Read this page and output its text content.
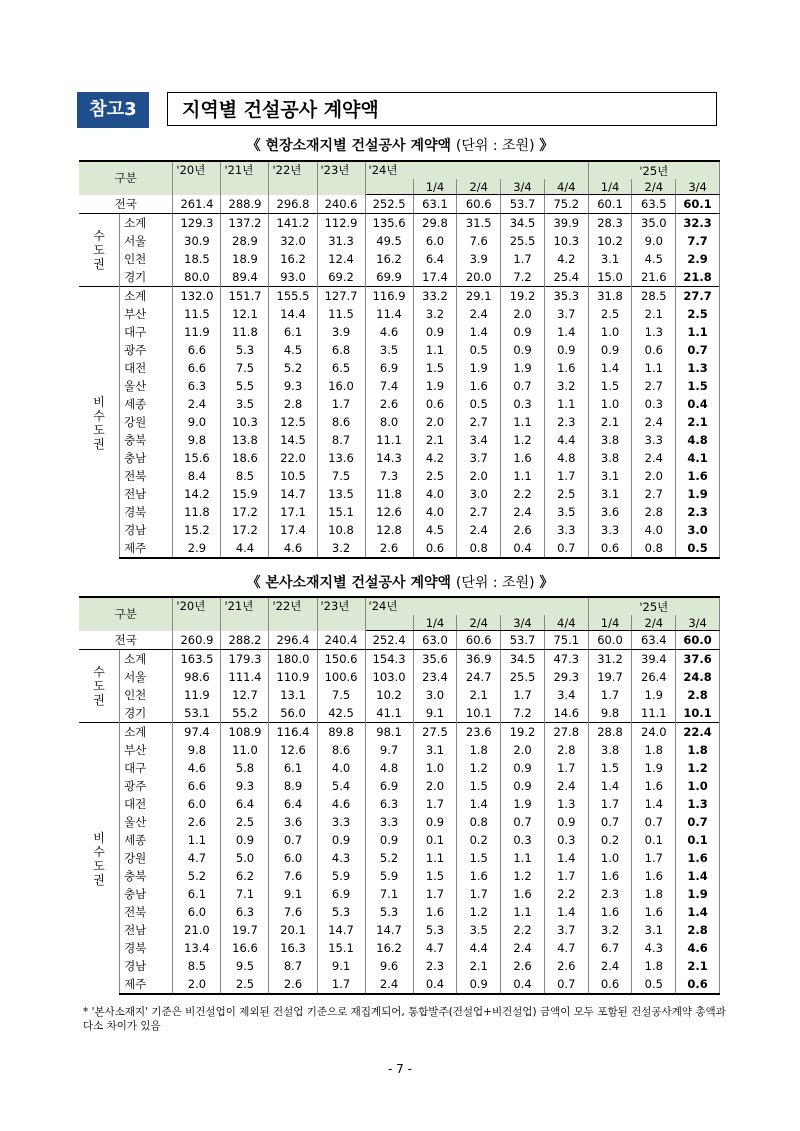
참고3	지역별 건설공사 계약액
《 현장소재지별 건설공사 계약액 (단위 : 조원) 》
구분		'20년	'21년	'22년	'23년	'24년					'25년		
							1/4	2/4	3/4	4/4	1/4	2/4	3/4
전국		261.4	288.9	296.8	240.6	252.5	63.1	60.6	53.7	75.2	60.1	63.5	60.1
수도권	소계	129.3	137.2	141.2	112.9	135.6	29.8	31.5	34.5	39.9	28.3	35.0	32.3
	서울	30.9	28.9	32.0	31.3	49.5	6.0	7.6	25.5	10.3	10.2	9.0	7.7
	인천	18.5	18.9	16.2	12.4	16.2	6.4	3.9	1.7	4.2	3.1	4.5	2.9
	경기	80.0	89.4	93.0	69.2	69.9	17.4	20.0	7.2	25.4	15.0	21.6	21.8
비수도권	소계	132.0	151.7	155.5	127.7	116.9	33.2	29.1	19.2	35.3	31.8	28.5	27.7
	부산	11.5	12.1	14.4	11.5	11.4	3.2	2.4	2.0	3.7	2.5	2.1	2.5
	대구	11.9	11.8	6.1	3.9	4.6	0.9	1.4	0.9	1.4	1.0	1.3	1.1
	광주	6.6	5.3	4.5	6.8	3.5	1.1	0.5	0.9	0.9	0.9	0.6	0.7
	대전	6.6	7.5	5.2	6.5	6.9	1.5	1.9	1.9	1.6	1.4	1.1	1.3
	울산	6.3	5.5	9.3	16.0	7.4	1.9	1.6	0.7	3.2	1.5	2.7	1.5
	세종	2.4	3.5	2.8	1.7	2.6	0.6	0.5	0.3	1.1	1.0	0.3	0.4
	강원	9.0	10.3	12.5	8.6	8.0	2.0	2.7	1.1	2.3	2.1	2.4	2.1
	충북	9.8	13.8	14.5	8.7	11.1	2.1	3.4	1.2	4.4	3.8	3.3	4.8
	충남	15.6	18.6	22.0	13.6	14.3	4.2	3.7	1.6	4.8	3.8	2.4	4.1
	전북	8.4	8.5	10.5	7.5	7.3	2.5	2.0	1.1	1.7	3.1	2.0	1.6
	전남	14.2	15.9	14.7	13.5	11.8	4.0	3.0	2.2	2.5	3.1	2.7	1.9
	경북	11.8	17.2	17.1	15.1	12.6	4.0	2.7	2.4	3.5	3.6	2.8	2.3
	경남	15.2	17.2	17.4	10.8	12.8	4.5	2.4	2.6	3.3	3.3	4.0	3.0
	제주	2.9	4.4	4.6	3.2	2.6	0.6	0.8	0.4	0.7	0.6	0.8	0.5
《 본사소재지별 건설공사 계약액 (단위 : 조원) 》
구분		'20년	'21년	'22년	'23년	'24년					'25년		
							1/4	2/4	3/4	4/4	1/4	2/4	3/4
전국		260.9	288.2	296.4	240.4	252.4	63.0	60.6	53.7	75.1	60.0	63.4	60.0
수도권	소계	163.5	179.3	180.0	150.6	154.3	35.6	36.9	34.5	47.3	31.2	39.4	37.6
	서울	98.6	111.4	110.9	100.6	103.0	23.4	24.7	25.5	29.3	19.7	26.4	24.8
	인천	11.9	12.7	13.1	7.5	10.2	3.0	2.1	1.7	3.4	1.7	1.9	2.8
	경기	53.1	55.2	56.0	42.5	41.1	9.1	10.1	7.2	14.6	9.8	11.1	10.1
비수도권	소계	97.4	108.9	116.4	89.8	98.1	27.5	23.6	19.2	27.8	28.8	24.0	22.4
	부산	9.8	11.0	12.6	8.6	9.7	3.1	1.8	2.0	2.8	3.8	1.8	1.8
	대구	4.6	5.8	6.1	4.0	4.8	1.0	1.2	0.9	1.7	1.5	1.9	1.2
	광주	6.6	9.3	8.9	5.4	6.9	2.0	1.5	0.9	2.4	1.4	1.6	1.0
	대전	6.0	6.4	6.4	4.6	6.3	1.7	1.4	1.9	1.3	1.7	1.4	1.3
	울산	2.6	2.5	3.6	3.3	3.3	0.9	0.8	0.7	0.9	0.7	0.7	0.7
	세종	1.1	0.9	0.7	0.9	0.9	0.1	0.2	0.3	0.3	0.2	0.1	0.1
	강원	4.7	5.0	6.0	4.3	5.2	1.1	1.5	1.1	1.4	1.0	1.7	1.6
	충북	5.2	6.2	7.6	5.9	5.9	1.5	1.6	1.2	1.7	1.6	1.6	1.4
	충남	6.1	7.1	9.1	6.9	7.1	1.7	1.7	1.6	2.2	2.3	1.8	1.9
	전북	6.0	6.3	7.6	5.3	5.3	1.6	1.2	1.1	1.4	1.6	1.6	1.4
	전남	21.0	19.7	20.1	14.7	14.7	5.3	3.5	2.2	3.7	3.2	3.1	2.8
	경북	13.4	16.6	16.3	15.1	16.2	4.7	4.4	2.4	4.7	6.7	4.3	4.6
	경남	8.5	9.5	8.7	9.1	9.6	2.3	2.1	2.6	2.6	2.4	1.8	2.1
	제주	2.0	2.5	2.6	1.7	2.4	0.4	0.9	0.4	0.7	0.6	0.5	0.6
* '본사소재지' 기준은 비건설업이 제외된 건설업 기준으로 재집계되어, 통합발주(건설업+비건설업) 금액이 모두 포함된 건설공사계약 총액과 다소 차이가 있음
- 7 -
